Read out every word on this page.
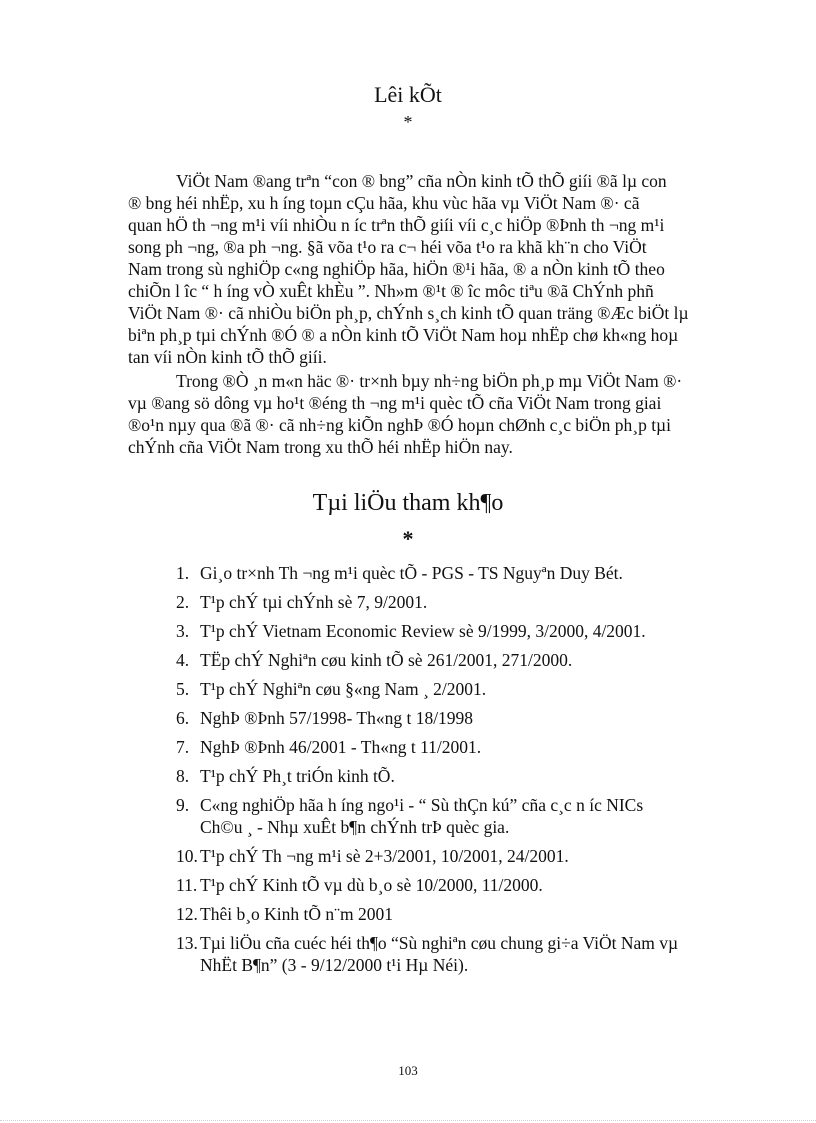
Lêi kÕt
*

ViÖt Nam ®ang trªn “con ® bng” cña nÒn kinh tÕ thÕ giíi ®ã lµ con
® bng héi nhËp, xu h íng toµn cÇu hãa, khu vùc hãa vµ ViÖt Nam ®· cã
quan hÖ th ¬ng m¹i víi nhiÒu n íc trªn thÕ giíi víi c¸c hiÖp ®Þnh th ¬ng m¹i
song ph ¬ng, ®a ph ¬ng. §ã võa t¹o ra c¬ héi võa t¹o ra khã kh¨n cho ViÖt
Nam trong sù nghiÖp c«ng nghiÖp hãa, hiÖn ®¹i hãa, ® a nÒn kinh tÕ theo
chiÕn l îc “ h íng vÒ xuÊt khÈu ”. Nh»m ®¹t ® îc môc tiªu ®ã ChÝnh phñ
ViÖt Nam ®· cã nhiÒu biÖn ph¸p, chÝnh s¸ch kinh tÕ quan träng ®Æc biÖt lµ
biªn ph¸p tµi chÝnh ®Ó ® a nÒn kinh tÕ ViÖt Nam hoµ nhËp chø kh«ng hoµ
tan víi nÒn kinh tÕ thÕ giíi.

Trong ®Ò ¸n m«n häc ®· tr×nh bµy nh÷ng biÖn ph¸p mµ ViÖt Nam ®·
vµ ®ang sö dông vµ ho¹t ®éng th ¬ng m¹i quèc tÕ cña ViÖt Nam trong giai
®o¹n nµy qua ®ã ®· cã nh÷ng kiÕn nghÞ ®Ó hoµn chØnh c¸c biÖn ph¸p tµi
chÝnh cña ViÖt Nam trong xu thÕ héi nhËp hiÖn nay.

Tµi liÖu tham kh¶o
*
1. Gi¸o tr×nh Th ¬ng m¹i quèc tÕ - PGS - TS Nguyªn Duy Bét.
2. T¹p chÝ tµi chÝnh sè 7, 9/2001.
3. T¹p chÝ Vietnam Economic Review sè 9/1999, 3/2000, 4/2001.
4. TËp chÝ Nghiªn cøu kinh tÕ sè 261/2001, 271/2000.
5. T¹p chÝ Nghiªn cøu §«ng Nam ¸ 2/2001.
6. NghÞ ®Þnh 57/1998- Th«ng t 18/1998
7. NghÞ ®Þnh 46/2001 - Th«ng t 11/2001.
8. T¹p chÝ Ph¸t triÓn kinh tÕ.
9. C«ng nghiÖp hãa h íng ngo¹i - “ Sù thÇn kú” cña c¸c n íc NICs
Ch©u ¸ - Nhµ xuÊt b¶n chÝnh trÞ quèc gia.
10. T¹p chÝ Th ¬ng m¹i sè 2+3/2001, 10/2001, 24/2001.
11. T¹p chÝ Kinh tÕ vµ dù b¸o sè 10/2000, 11/2000.
12. Thêi b¸o Kinh tÕ n¨m 2001
13. Tµi liÖu cña cuéc héi th¶o “Sù nghiªn cøu chung gi÷a ViÖt Nam vµ
NhËt B¶n” (3 - 9/12/2000 t¹i Hµ Néi).
103
